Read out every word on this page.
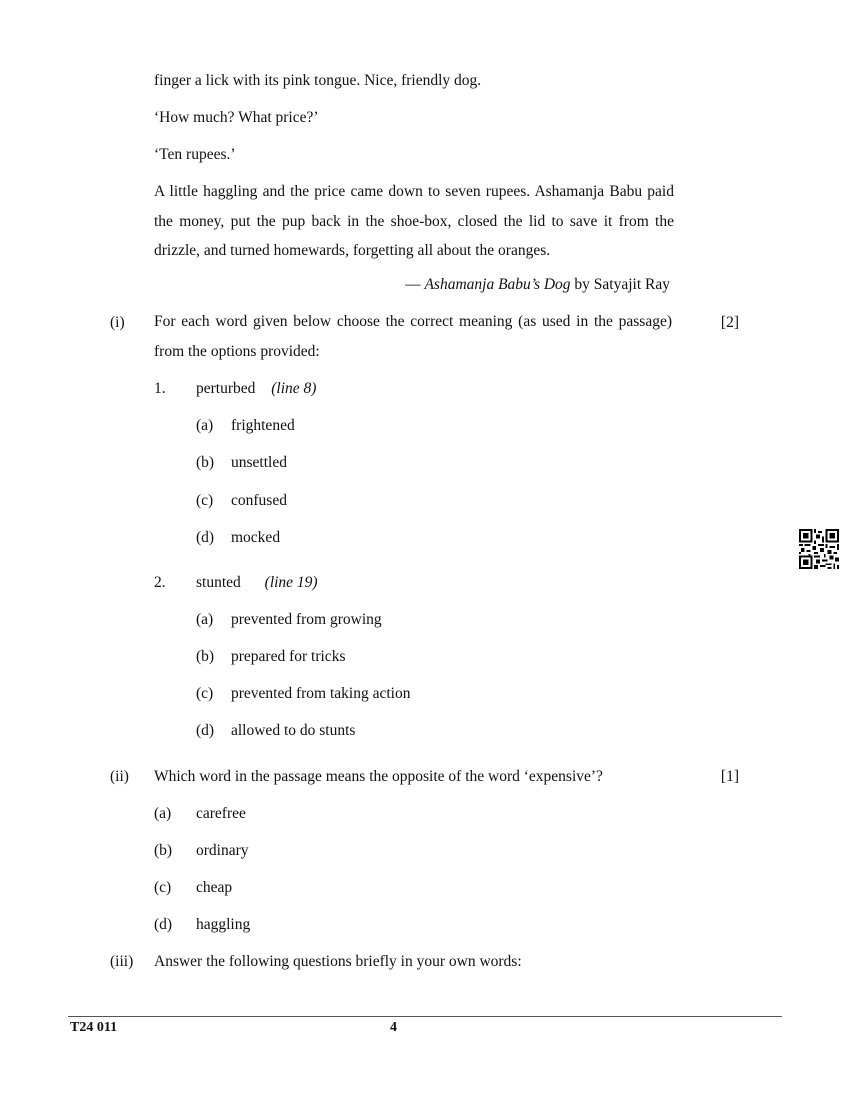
finger a lick with its pink tongue. Nice, friendly dog.
‘How much? What price?’
‘Ten rupees.’
A little haggling and the price came down to seven rupees. Ashamanja Babu paid the money, put the pup back in the shoe-box, closed the lid to save it from the drizzle, and turned homewards, forgetting all about the oranges.
— Ashamanja Babu’s Dog by Satyajit Ray
(i) For each word given below choose the correct meaning (as used in the passage) from the options provided:
[2]
1. perturbed (line 8)
(a) frightened
(b) unsettled
(c) confused
(d) mocked
2. stunted (line 19)
(a) prevented from growing
(b) prepared for tricks
(c) prevented from taking action
(d) allowed to do stunts
(ii) Which word in the passage means the opposite of the word ‘expensive’?	[1]
(a) carefree
(b) ordinary
(c) cheap
(d) haggling
(iii) Answer the following questions briefly in your own words:
T24 011	4
